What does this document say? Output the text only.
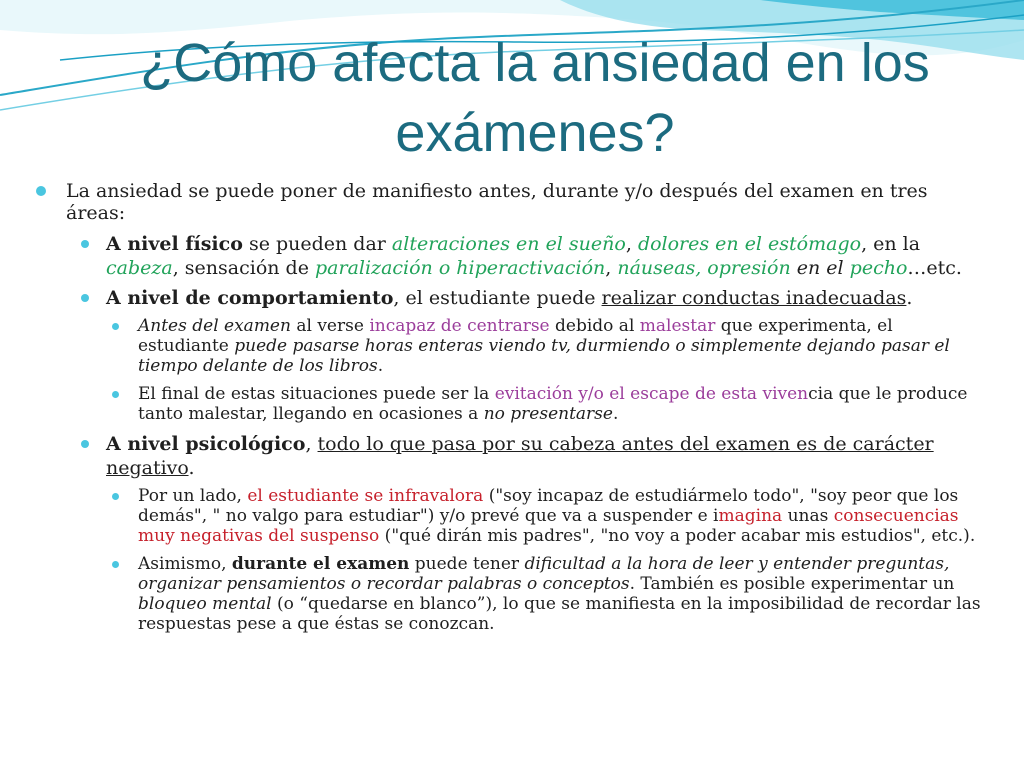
¿Cómo afecta la ansiedad en los exámenes?
La ansiedad se puede poner de manifiesto antes, durante y/o después del examen en tres áreas:
A nivel físico se pueden dar alteraciones en el sueño, dolores en el estómago, en la cabeza, sensación de paralización o hiperactivación, náuseas, opresión en el pecho…etc.
A nivel de comportamiento, el estudiante puede realizar conductas inadecuadas.
Antes del examen al verse incapaz de centrarse debido al malestar que experimenta, el estudiante puede pasarse horas enteras viendo tv, durmiendo o simplemente dejando pasar el tiempo delante de los libros.
El final de estas situaciones puede ser la evitación y/o el escape de esta vivencia que le produce tanto malestar, llegando en ocasiones a no presentarse.
A nivel psicológico, todo lo que pasa por su cabeza antes del examen es de carácter negativo.
Por un lado, el estudiante se infravalora ("soy incapaz de estudiármelo todo", "soy peor que los demás", " no valgo para estudiar") y/o prevé que va a suspender e imagina unas consecuencias muy negativas del suspenso ("qué dirán mis padres", "no voy a poder acabar mis estudios", etc.).
Asimismo, durante el examen puede tener dificultad a la hora de leer y entender preguntas, organizar pensamientos o recordar palabras o conceptos. También es posible experimentar un bloqueo mental (o “quedarse en blanco”), lo que se manifiesta en la imposibilidad de recordar las respuestas pese a que éstas se conozcan.
